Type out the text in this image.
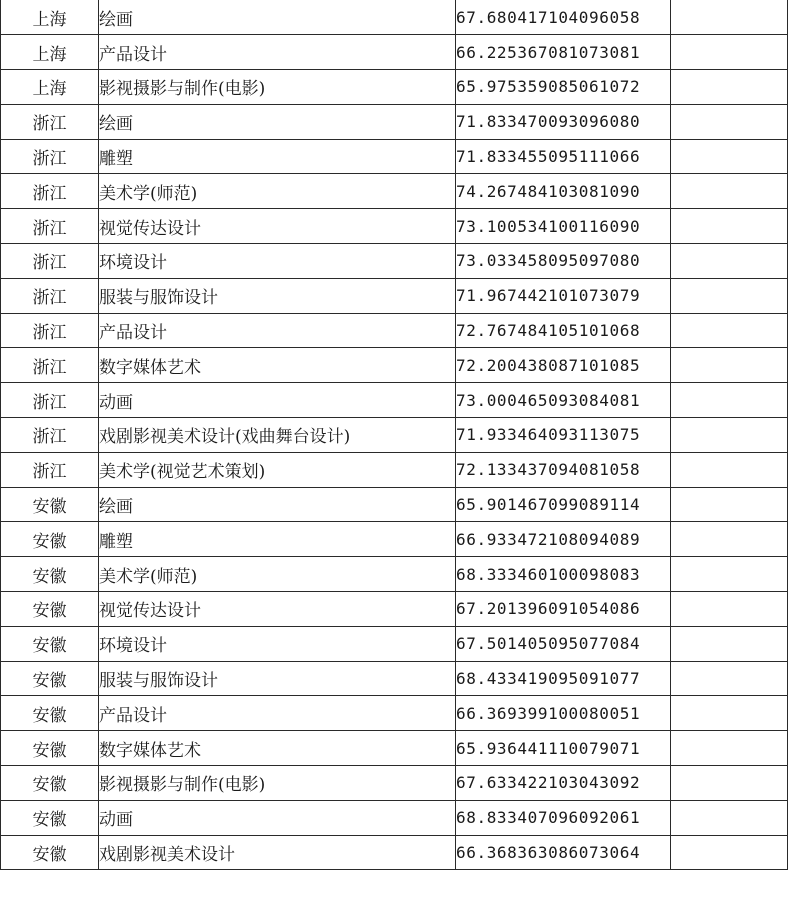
上海	绘画	67.680417104096058	
上海	产品设计	66.225367081073081	
上海	影视摄影与制作(电影)	65.975359085061072	
浙江	绘画	71.833470093096080	
浙江	雕塑	71.833455095111066	
浙江	美术学(师范)	74.267484103081090	
浙江	视觉传达设计	73.100534100116090	
浙江	环境设计	73.033458095097080	
浙江	服装与服饰设计	71.967442101073079	
浙江	产品设计	72.767484105101068	
浙江	数字媒体艺术	72.200438087101085	
浙江	动画	73.000465093084081	
浙江	戏剧影视美术设计(戏曲舞台设计)	71.933464093113075	
浙江	美术学(视觉艺术策划)	72.133437094081058	
安徽	绘画	65.901467099089114	
安徽	雕塑	66.933472108094089	
安徽	美术学(师范)	68.333460100098083	
安徽	视觉传达设计	67.201396091054086	
安徽	环境设计	67.501405095077084	
安徽	服装与服饰设计	68.433419095091077	
安徽	产品设计	66.369399100080051	
安徽	数字媒体艺术	65.936441110079071	
安徽	影视摄影与制作(电影)	67.633422103043092	
安徽	动画	68.833407096092061	
安徽	戏剧影视美术设计	66.368363086073064	
